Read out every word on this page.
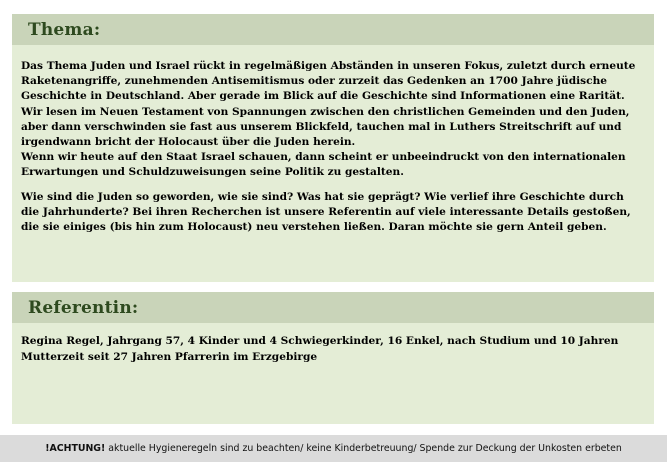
Thema:

Das Thema Juden und Israel rückt in regelmäßigen Abständen in unseren Fokus, zuletzt durch erneute Raketenangriffe, zunehmenden Antisemitismus oder zurzeit das Gedenken an 1700 Jahre jüdische Geschichte in Deutschland. Aber gerade im Blick auf die Geschichte sind Informationen eine Rarität.

Wir lesen im Neuen Testament von Spannungen zwischen den christlichen Gemeinden und den Juden, aber dann verschwinden sie fast aus unserem Blickfeld, tauchen mal in Luthers Streitschrift auf und irgendwann bricht der Holocaust über die Juden herein.

Wenn wir heute auf den Staat Israel schauen, dann scheint er unbeeindruckt von den internationalen Erwartungen und Schuldzuweisungen seine Politik zu gestalten.

Wie sind die Juden so geworden, wie sie sind? Was hat sie geprägt? Wie verlief ihre Geschichte durch die Jahrhunderte? Bei ihren Recherchen ist unsere Referentin auf viele interessante Details gestoßen, die sie einiges (bis hin zum Holocaust) neu verstehen ließen. Daran möchte sie gern Anteil geben.

Referentin:

Regina Regel, Jahrgang 57, 4 Kinder und 4 Schwiegerkinder, 16 Enkel, nach Studium und 10 Jahren Mutterzeit seit 27 Jahren Pfarrerin im Erzgebirge

!ACHTUNG! aktuelle Hygieneregeln sind zu beachten/ keine Kinderbetreuung/ Spende zur Deckung der Unkosten erbeten
